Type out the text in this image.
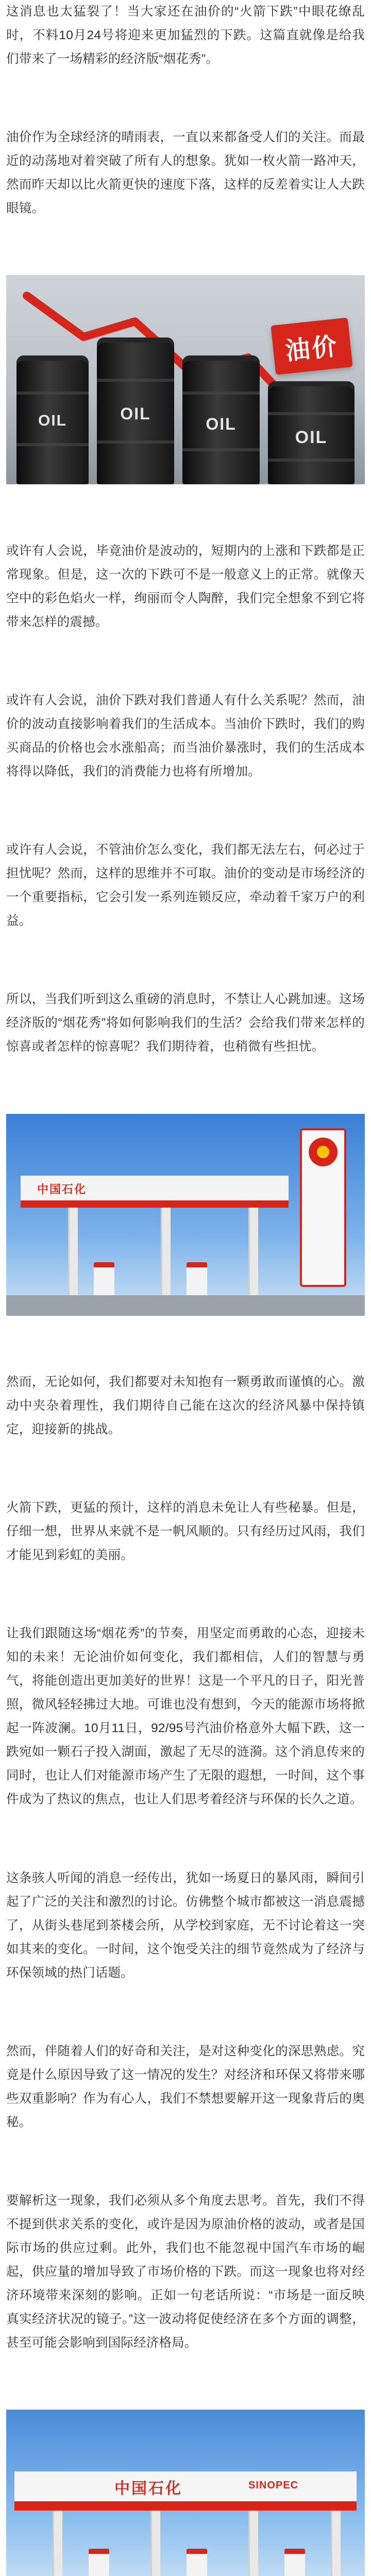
这消息也太猛裂了！当大家还在油价的“火箭下跌”中眼花缭乱时，不料10月24号将迎来更加猛烈的下跌。这篇直就像是给我们带来了一场精彩的经济版“烟花秀”。

油价作为全球经济的晴雨表，一直以来都备受人们的关注。而最近的动荡地对着突破了所有人的想象。犹如一枚火箭一路冲天，然而昨天却以比火箭更快的速度下落，这样的反差着实让人大跌眼镜。

OIL	OIL
OIL
OIL
油价

或许有人会说，毕竟油价是波动的，短期内的上涨和下跌都是正常现象。但是，这一次的下跌可不是一般意义上的正常。就像天空中的彩色焰火一样，绚丽而令人陶醉，我们完全想象不到它将带来怎样的震撼。

或许有人会说，油价下跌对我们普通人有什么关系呢？然而，油价的波动直接影响着我们的生活成本。当油价下跌时，我们的购买商品的价格也会水涨船高；而当油价暴涨时，我们的生活成本将得以降低，我们的消费能力也将有所增加。

或许有人会说，不管油价怎么变化，我们都无法左右，何必过于担忧呢？然而，这样的思维并不可取。油价的变动是市场经济的一个重要指标，它会引发一系列连锁反应，牵动着千家万户的利益。

所以，当我们听到这么重磅的消息时，不禁让人心跳加速。这场经济版的“烟花秀”将如何影响我们的生活？会给我们带来怎样的惊喜或者怎样的惊喜呢？我们期待着，也稍微有些担忧。

中国石化

然而，无论如何，我们都要对未知抱有一颗勇敢而谨慎的心。激动中夹杂着理性，我们期待自己能在这次的经济风暴中保持镇定，迎接新的挑战。

火箭下跌，更猛的预计，这样的消息未免让人有些秘暴。但是，仔细一想，世界从来就不是一帆风顺的。只有经历过风雨，我们才能见到彩虹的美丽。

让我们跟随这场“烟花秀”的节奏，用坚定而勇敢的心态，迎接未知的未来！无论油价如何变化，我们都相信，人们的智慧与勇气，将能创造出更加美好的世界！这是一个平凡的日子，阳光普照，微风轻轻拂过大地。可谁也没有想到，今天的能源市场将掀起一阵波澜。10月11日，92/95号汽油价格意外大幅下跌，这一跌宛如一颗石子投入湖面，激起了无尽的涟漪。这个消息传来的同时，也让人们对能源市场产生了无限的遐想，一时间，这个事件成为了热议的焦点，也让人们思考着经济与环保的长久之道。

这条骇人听闻的消息一经传出，犹如一场夏日的暴风雨，瞬间引起了广泛的关注和激烈的讨论。仿佛整个城市都被这一消息震撼了，从街头巷尾到茶楼会所，从学校到家庭，无不讨论着这一突如其来的变化。一时间，这个饱受关注的细节竟然成为了经济与环保领域的热门话题。

然而，伴随着人们的好奇和关注，是对这种变化的深思熟虑。究竟是什么原因导致了这一情况的发生？对经济和环保又将带来哪些双重影响？作为有心人，我们不禁想要解开这一现象背后的奥秘。

要解析这一现象，我们必须从多个角度去思考。首先，我们不得不提到供求关系的变化，或许是因为原油价格的波动，或者是国际市场的供应过剩。此外，我们也不能忽视中国汽车市场的崛起，供应量的增加导致了市场价格的下跌。而这一现象也将对经济环境带来深刻的影响。正如一句老话所说：“市场是一面反映真实经济状况的镜子。”这一波动将促使经济在多个方面的调整，甚至可能会影响到国际经济格局。

中国石化	SINOPEC
